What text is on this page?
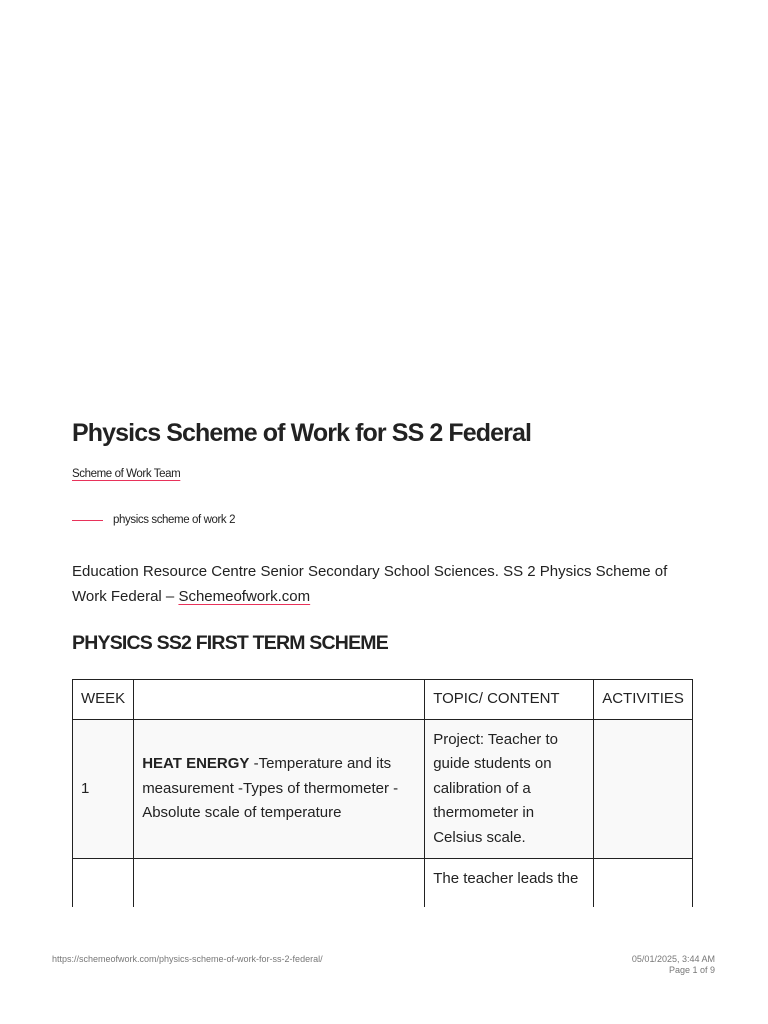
Physics Scheme of Work for SS 2 Federal
Scheme of Work Team
physics scheme of work 2

Education Resource Centre Senior Secondary School Sciences. SS 2 Physics Scheme of Work Federal – Schemeofwork.com

PHYSICS SS2 FIRST TERM SCHEME
WEEK		TOPIC/ CONTENT	ACTIVITIES
1	HEAT ENERGY -Temperature and its measurement -Types of thermometer -Absolute scale of temperature	Project: Teacher to guide students on calibration of a thermometer in Celsius scale.	
		The teacher leads the	
https://schemeofwork.com/physics-scheme-of-work-for-ss-2-federal/	05/01/2025, 3:44 AM
Page 1 of 9
